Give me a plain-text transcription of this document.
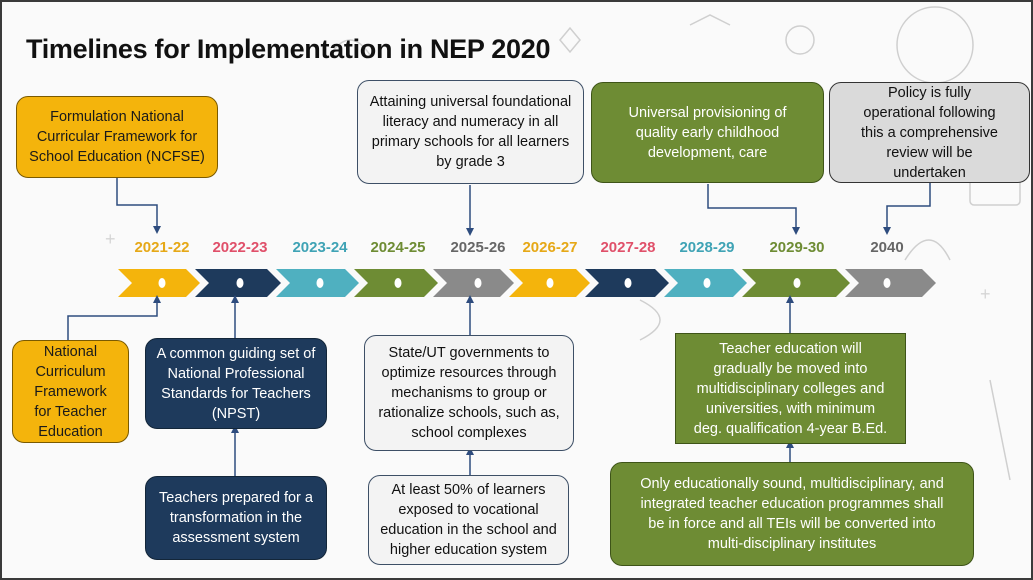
+
+
Timelines for Implementation in NEP 2020
2021-22	2022-23	2023-24	2024-25	2025-26	2026-27	2027-28	2028-29	2029-30	2040
Formulation National
Curricular Framework for
School Education (NCFSE)
Attaining universal foundational
literacy and numeracy in all
primary schools for all learners
by grade 3
Universal provisioning of
quality early childhood
development, care
Policy is fully
operational following
this a comprehensive
review will be
undertaken
National
Curriculum
Framework
for Teacher
Education
A common guiding set of
National Professional
Standards for Teachers
(NPST)
Teachers prepared for a
transformation in the
assessment system
State/UT governments to
optimize resources through
mechanisms to group or
rationalize schools, such as,
school complexes
At least 50% of learners
exposed to vocational
education in the school and
higher education system
Teacher education will
gradually be moved into
multidisciplinary colleges and
universities, with minimum
deg. qualification 4-year B.Ed.
Only educationally sound, multidisciplinary, and
integrated teacher education programmes shall
be in force and all TEIs will be converted into
multi-disciplinary institutes
